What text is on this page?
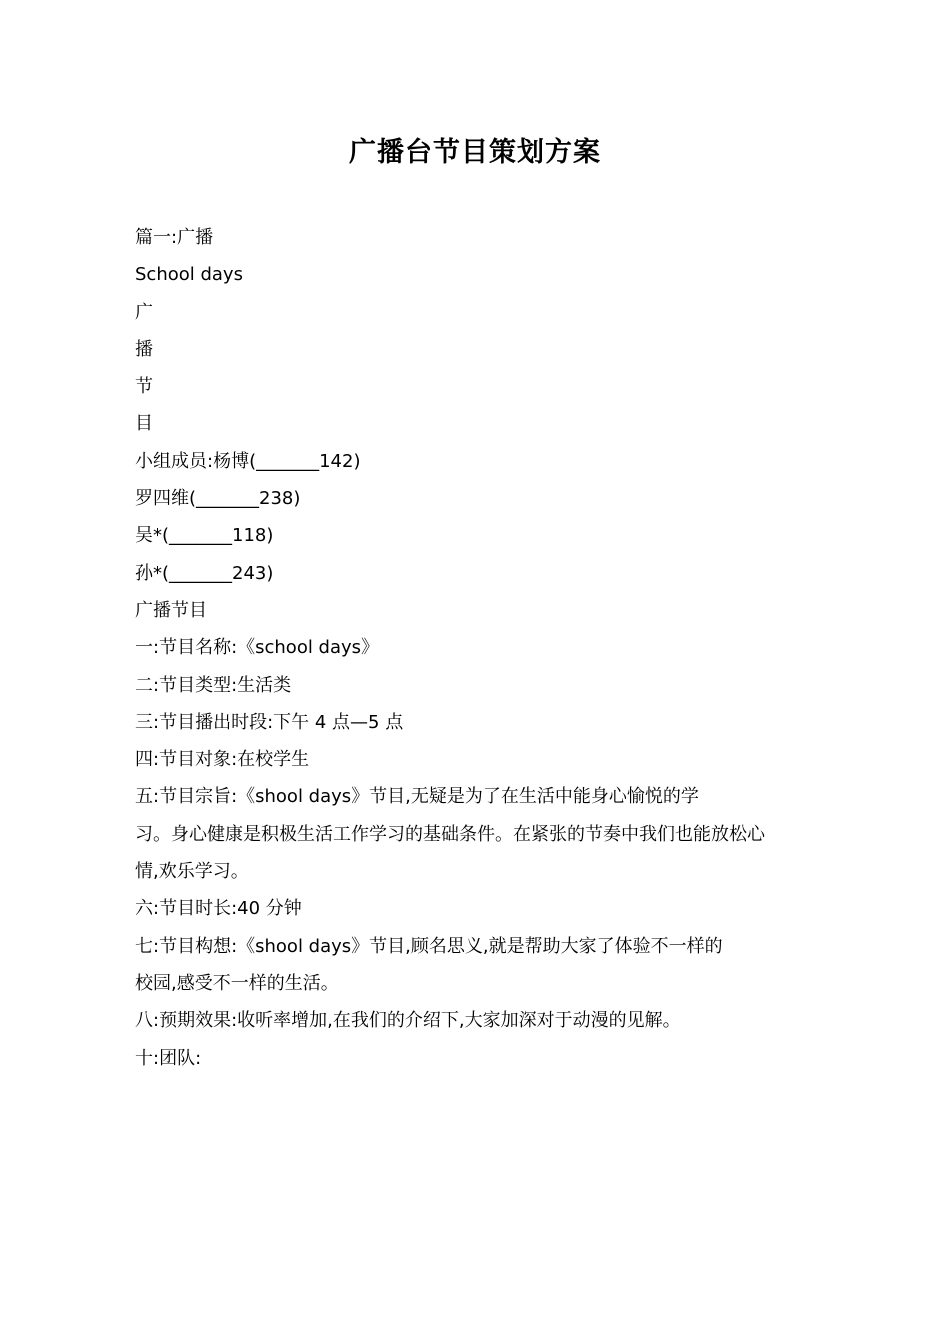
广播台节目策划方案
篇一:广播
School days
广
播
节
目
小组成员:杨博(_______142)
罗四维(_______238)
吴*(_______118)
孙*(_______243)
广播节目
一:节目名称:《school days》
二:节目类型:生活类
三:节目播出时段:下午 4 点—5 点
四:节目对象:在校学生
五:节目宗旨:《shool days》节目,无疑是为了在生活中能身心愉悦的学
习。身心健康是积极生活工作学习的基础条件。在紧张的节奏中我们也能放松心
情,欢乐学习。
六:节目时长:40 分钟
七:节目构想:《shool days》节目,顾名思义,就是帮助大家了体验不一样的
校园,感受不一样的生活。
八:预期效果:收听率增加,在我们的介绍下,大家加深对于动漫的见解。
十:团队:
